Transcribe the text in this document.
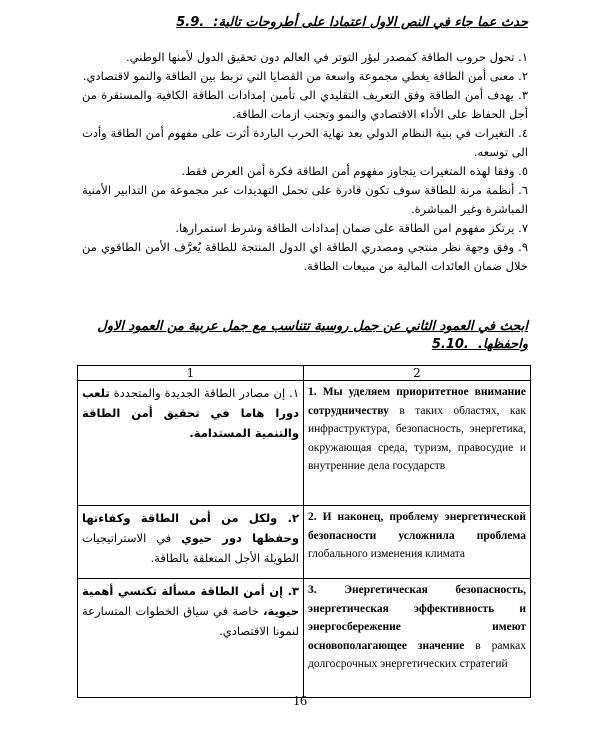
حدث عما جاء في النص الاول اعتمادا على أطروحات تالية:  5.9.

١. تحول حروب الطاقة كمصدر لبؤر التوتر في العالم دون تحقيق الدول لأمنها الوطني.

٢. معنى أمن الطاقة يغطي مجموعة واسعة من القضايا التي تربط بين الطاقة والنمو لاقتصادي.

٣. يهدف أمن الطاقة وفق التعريف التقليدي الى تأمين إمدادات الطاقة الكافية والمستقرة من أجل الحفاظ على الأداء الاقتصادي والنمو وتجنب ازمات الطاقة.

٤. التغيرات في بنية النظام الدولي بعد نهاية الحرب الباردة أثرت على مفهوم أمن الطاقة وأدت الى توسعه.

٥. وفقا لهذه المتغيرات يتجاوز مفهوم أمن الطاقة فكرة أمن العرض فقط.

٦. أنظمة مرنة للطاقة سوف تكون قادرة على تحمل التهديدات عبر مجموعة من التدابير الأمنية المباشرة وغير المباشرة.

٧. يرتكز مفهوم امن الطاقة على ضمان إمدادات الطاقة وشرط استمرارها.

٩. وفق وجهة نظر منتجي ومصدري الطاقة اي الدول المنتجة للطاقة يُعرَّف الأمن الطاقوي من خلال ضمان العائدات المالية من مبيعات الطاقة.

ابحث في العمود الثاني عن جمل روسية تتناسب مع جمل عربية من العمود الاول واحفظها.  5.10.
1	2
١. إن مصادر الطاقة الجديدة والمتجددة تلعب دورا هاما في تحقيق أمن الطاقة والتنمية المستدامة.	1. Мы уделяем приоритетное внимание сотрудничеству в таких областях, как инфраструктура, безопасность, энергетика, окружающая среда, туризм, правосудие и внутренние дела государств
٢. ولكل من أمن الطاقة وكفاءتها وحفظها دور حيوي في الاستراتيجيات الطويلة الأجل المتعلقة بالطاقة.	2. И наконец, проблему энергетической безопасности усложнила проблема глобального изменения климата
٣. إن أمن الطاقة مسألة تكتسي أهمية حيوية، خاصة في سياق الخطوات المتسارعة لنمونا الاقتصادي.	3. Энергетическая безопасность, энергетическая эффективность и энергосбережение имеют основополагающее значение в рамках долгосрочных энергетических стратегий
16
